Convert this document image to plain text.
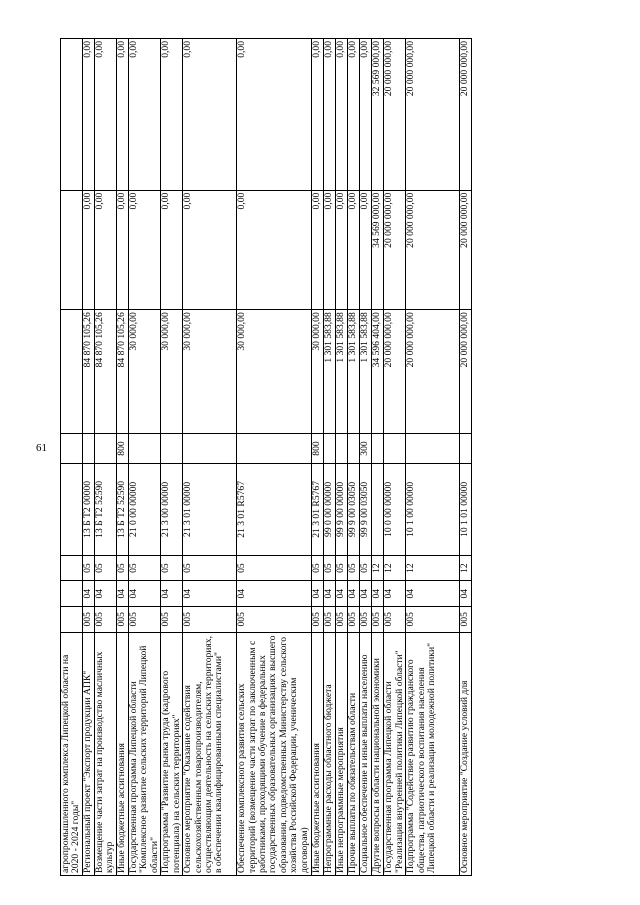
61
агропромышленного комплекса Липецкой области на 2020 - 2024 годы"								
Региональный проект "Экспорт продукции АПК"	005	04	05	13 Б Т2 00000		84 870 105,26	0,00	0,00
Возмещение части затрат на производство масличных культур	005	04	05	13 Б Т2 52590		84 870 105,26	0,00	0,00
Иные бюджетные ассигнования	005	04	05	13 Б Т2 52590	800	84 870 105,26	0,00	0,00
Государственная программа Липецкой области "Комплексное развитие сельских территорий Липецкой области"	005	04	05	21 0 00 00000		30 000,00	0,00	0,00
Подпрограмма "Развитие рынка труда (кадрового потенциала) на сельских территориях"	005	04	05	21 3 00 00000		30 000,00	0,00	0,00
Основное мероприятие "Оказание содействия сельскохозяйственным товаропроизводителям, осуществляющим деятельность на сельских территориях, в обеспечении квалифицированными специалистами"	005	04	05	21 3 01 00000		30 000,00	0,00	0,00
Обеспечение комплексного развития сельских территорий (возмещение части затрат по заключенным с работниками, проходящими обучение в федеральных государственных образовательных организациях высшего образования, подведомственных Министерству сельского хозяйства Российской Федерации, ученическим договорам)	005	04	05	21 3 01 R5767		30 000,00	0,00	0,00
Иные бюджетные ассигнования	005	04	05	21 3 01 R5767	800	30 000,00	0,00	0,00
Непрограммные расходы областного бюджета	005	04	05	99 0 00 00000		1 301 583,88	0,00	0,00
Иные непрограммные мероприятия	005	04	05	99 9 00 00000		1 301 583,88	0,00	0,00
Прочие выплаты по обязательствам области	005	04	05	99 9 00 03050		1 301 583,88	0,00	0,00
Социальное обеспечение и иные выплаты населению	005	04	05	99 9 00 03050	300	1 301 583,88	0,00	0,00
Другие вопросы в области национальной экономики	005	04	12			34 596 404,00	34 569 000,00	32 569 000,00
Государственная программа Липецкой области "Реализация внутренней политики Липецкой области"	005	04	12	10 0 00 00000		20 000 000,00	20 000 000,00	20 000 000,00
Подпрограмма "Содействие развитию гражданского общества, патриотического воспитания населения Липецкой области и реализации молодежной политики"	005	04	12	10 1 00 00000		20 000 000,00	20 000 000,00	20 000 000,00
Основное мероприятие "Создание условий для	005	04	12	10 1 01 00000		20 000 000,00	20 000 000,00	20 000 000,00
